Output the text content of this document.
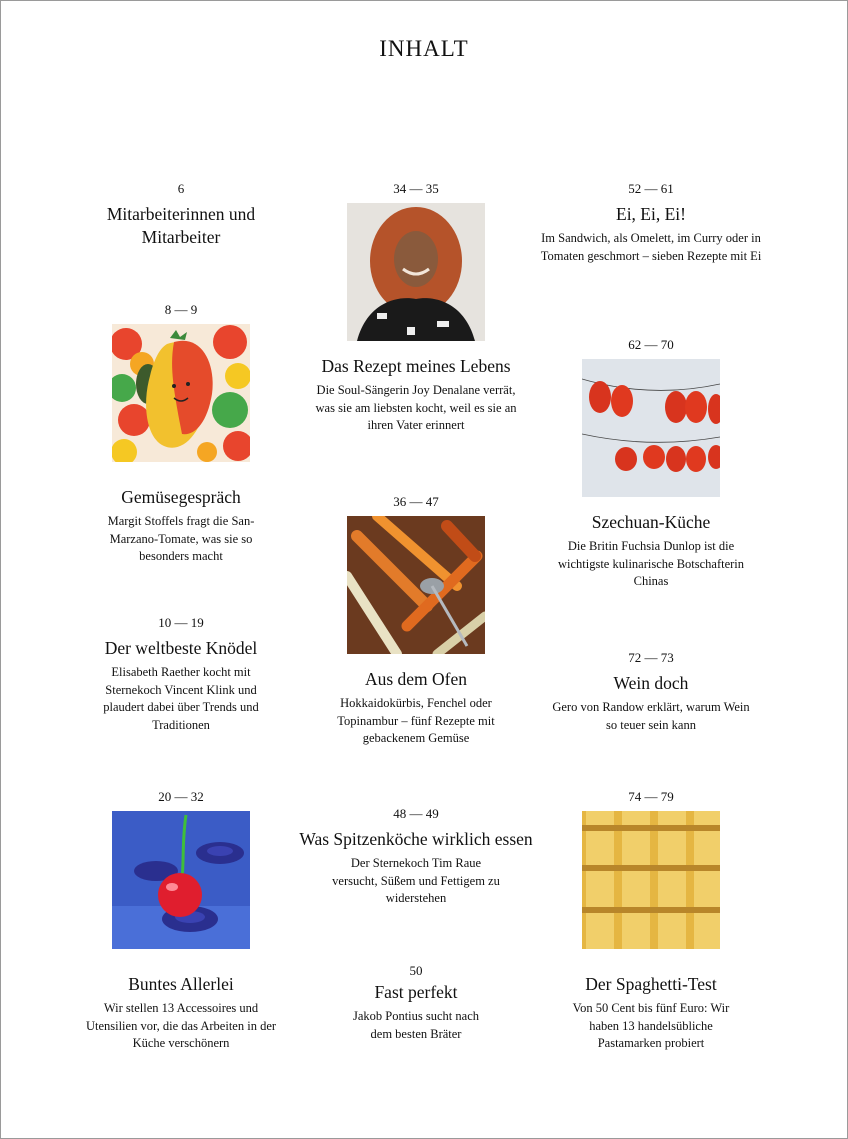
INHALT
6
Mitarbeiterinnen und Mitarbeiter
8 — 9
Gemüsegespräch
Margit Stoffels fragt die San-Marzano-Tomate, was sie so besonders macht
10 — 19
Der weltbeste Knödel
Elisabeth Raether kocht mit Sternekoch Vincent Klink und plaudert dabei über Trends und Traditionen
20 — 32
Buntes Allerlei
Wir stellen 13 Accessoires und Utensilien vor, die das Arbeiten in der Küche verschönern
34 — 35
Das Rezept meines Lebens
Die Soul-Sängerin Joy Denalane verrät, was sie am liebsten kocht, weil es sie an ihren Vater erinnert
36 — 47
Aus dem Ofen
Hokkaidokürbis, Fenchel oder Topinambur – fünf Rezepte mit gebackenem Gemüse
48 — 49
Was Spitzenköche wirklich essen
Der Sternekoch Tim Raue versucht, Süßem und Fettigem zu widerstehen
50
Fast perfekt
Jakob Pontius sucht nach dem besten Bräter
52 — 61
Ei, Ei, Ei!
Im Sandwich, als Omelett, im Curry oder in Tomaten geschmort – sieben Rezepte mit Ei
62 — 70
Szechuan-Küche
Die Britin Fuchsia Dunlop ist die wichtigste kulinarische Botschafterin Chinas
72 — 73
Wein doch
Gero von Randow erklärt, warum Wein so teuer sein kann
74 — 79
Der Spaghetti-Test
Von 50 Cent bis fünf Euro: Wir haben 13 handelsübliche Pastamarken probiert
